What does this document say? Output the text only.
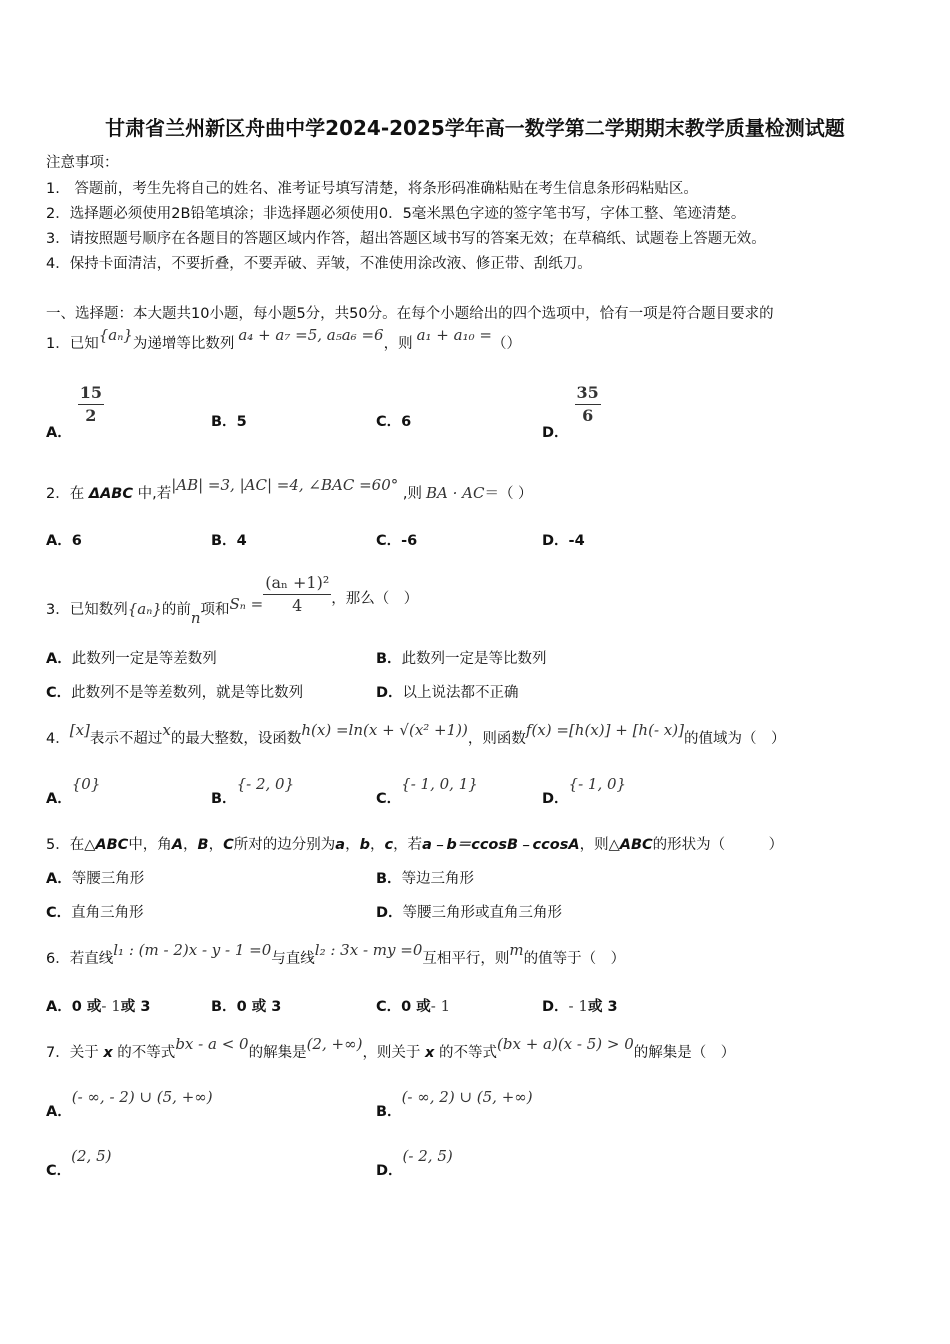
甘肃省兰州新区舟曲中学2024-2025学年高一数学第二学期期末教学质量检测试题
注意事项：
1.　答题前，考生先将自己的姓名、准考证号填写清楚，将条形码准确粘贴在考生信息条形码粘贴区。
2．选择题必须使用2B铅笔填涂；非选择题必须使用0．5毫米黑色字迹的签字笔书写，字体工整、笔迹清楚。
3．请按照题号顺序在各题目的答题区域内作答，超出答题区域书写的答案无效；在草稿纸、试题卷上答题无效。
4．保持卡面清洁，不要折叠，不要弄破、弄皱，不准使用涂改液、修正带、刮纸刀。
一、选择题：本大题共10小题，每小题5分，共50分。在每个小题给出的四个选项中，恰有一项是符合题目要求的
1．已知{aₙ}为递增等比数列 a₄ + a₇ =5, a₅a₆ =6，则 a₁ + a₁₀ =（）
A．
$\frac{15}{2}$	B．5	C．6
D．
$\frac{35}{6}$
2．在 ΔABC 中,若|AB| =3, |AC| =4, ∠BAC =60° ,则 BA · AC＝（ ）
A．6	B．4	C．-6	D．-4
3．已知数列{aₙ}的前n项和$S_n = \frac{\text{(aₙ +1)²}}{4}$ ，那么（　）
A．此数列一定是等差数列	B．此数列一定是等比数列
C．此数列不是等差数列，就是等比数列	D．以上说法都不正确
4．[x]表示不超过x的最大整数，设函数h(x) =ln(x + √(x² +1))，则函数f(x) =[h(x)] + [h(- x)]的值域为（　）
A．{0}
B．{- 2, 0}
C．{- 1, 0, 1}
D．{- 1, 0}
5．在△ABC中，角A，B，C所对的边分别为a，b，c，若a﹣b＝ccosB﹣ccosA，则△ABC的形状为（　　　）
A．等腰三角形	B．等边三角形
C．直角三角形	D．等腰三角形或直角三角形
6．若直线l₁ : (m - 2)x - y - 1 =0与直线l₂ : 3x - my =0互相平行，则m的值等于（　）
A．0 或- 1或 3	B．0 或 3	C．0 或- 1	D．- 1或 3
7．关于 x 的不等式bx - a < 0的解集是(2, +∞)，则关于 x 的不等式(bx + a)(x - 5) > 0的解集是（　）
A．(- ∞, - 2) ∪ (5, +∞)
B．(- ∞, 2) ∪ (5, +∞)
C．(2, 5)
D．(- 2, 5)
